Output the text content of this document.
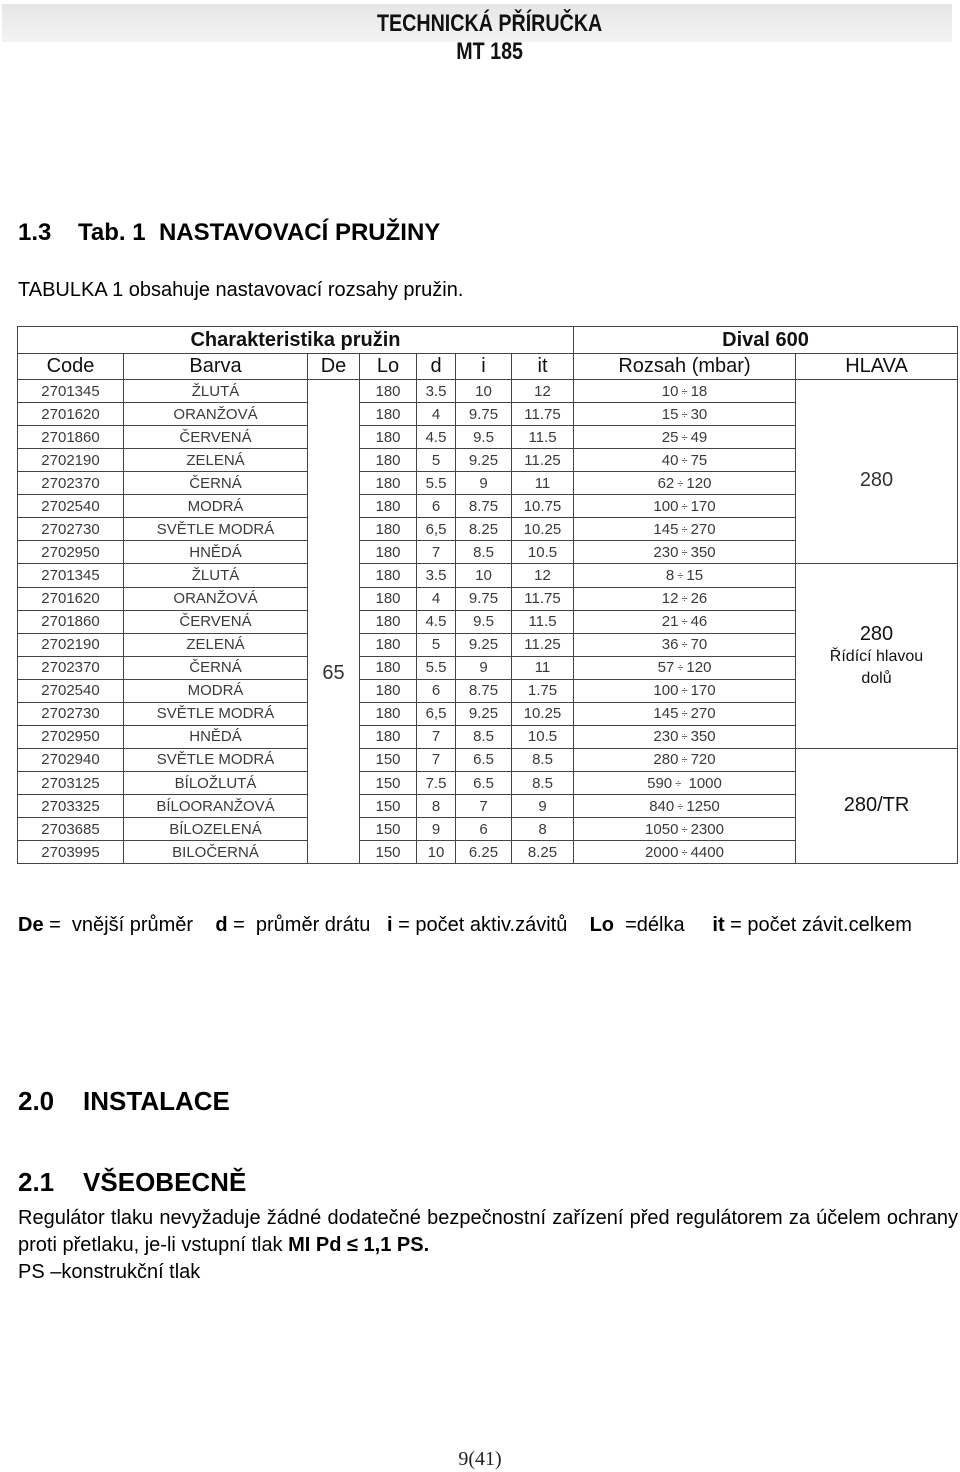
TECHNICKÁ PŘÍRUČKA
MT 185
1.3    Tab. 1  NASTAVOVACÍ PRUŽINY
TABULKA 1 obsahuje nastavovací rozsahy pružin.
Charakteristika pružin							Dival 600	
Code	Barva	De	Lo	d	i	it	Rozsah (mbar)	HLAVA
2701345	ŽLUTÁ	65	180	3.5	10	12	10 ÷ 18	280
2701620	ORANŽOVÁ		180	4	9.75	11.75	15 ÷ 30	
2701860	ČERVENÁ		180	4.5	9.5	11.5	25 ÷ 49	
2702190	ZELENÁ		180	5	9.25	11.25	40 ÷ 75	
2702370	ČERNÁ		180	5.5	9	11	62 ÷ 120	
2702540	MODRÁ		180	6	8.75	10.75	100 ÷ 170	
2702730	SVĚTLE MODRÁ		180	6,5	8.25	10.25	145 ÷ 270	
2702950	HNĚDÁ		180	7	8.5	10.5	230 ÷ 350	
2701345	ŽLUTÁ		180	3.5	10	12	8 ÷ 15	280
Řídící hlavou dolů

2701620	ORANŽOVÁ		180	4	9.75	11.75	12 ÷ 26	
2701860	ČERVENÁ		180	4.5	9.5	11.5	21 ÷ 46	
2702190	ZELENÁ		180	5	9.25	11.25	36 ÷ 70	
2702370	ČERNÁ		180	5.5	9	11	57 ÷ 120	
2702540	MODRÁ		180	6	8.75	1.75	100 ÷ 170	
2702730	SVĚTLE MODRÁ		180	6,5	9.25	10.25	145 ÷ 270	
2702950	HNĚDÁ		180	7	8.5	10.5	230 ÷ 350	
2702940	SVĚTLE MODRÁ		150	7	6.5	8.5	280 ÷ 720	280/TR
2703125	BÍLOŽLUTÁ		150	7.5	6.5	8.5	590 ÷  1000	
2703325	BÍLOORANŽOVÁ		150	8	7	9	840 ÷ 1250	
2703685	BÍLOZELENÁ		150	9	6	8	1050 ÷ 2300	
2703995	BILOČERNÁ		150	10	6.25	8.25	2000 ÷ 4400	
De =  vnější průměr    d =  průměr drátu   i = počet aktiv.závitů    Lo  =délka     it = počet závit.celkem
2.0    INSTALACE
2.1    VŠEOBECNĚ
Regulátor tlaku nevyžaduje žádné dodatečné bezpečnostní zařízení před regulátorem za účelem ochrany proti přetlaku, je-li vstupní tlak MI Pd ≤ 1,1 PS.
PS –konstrukční tlak
9(41)
